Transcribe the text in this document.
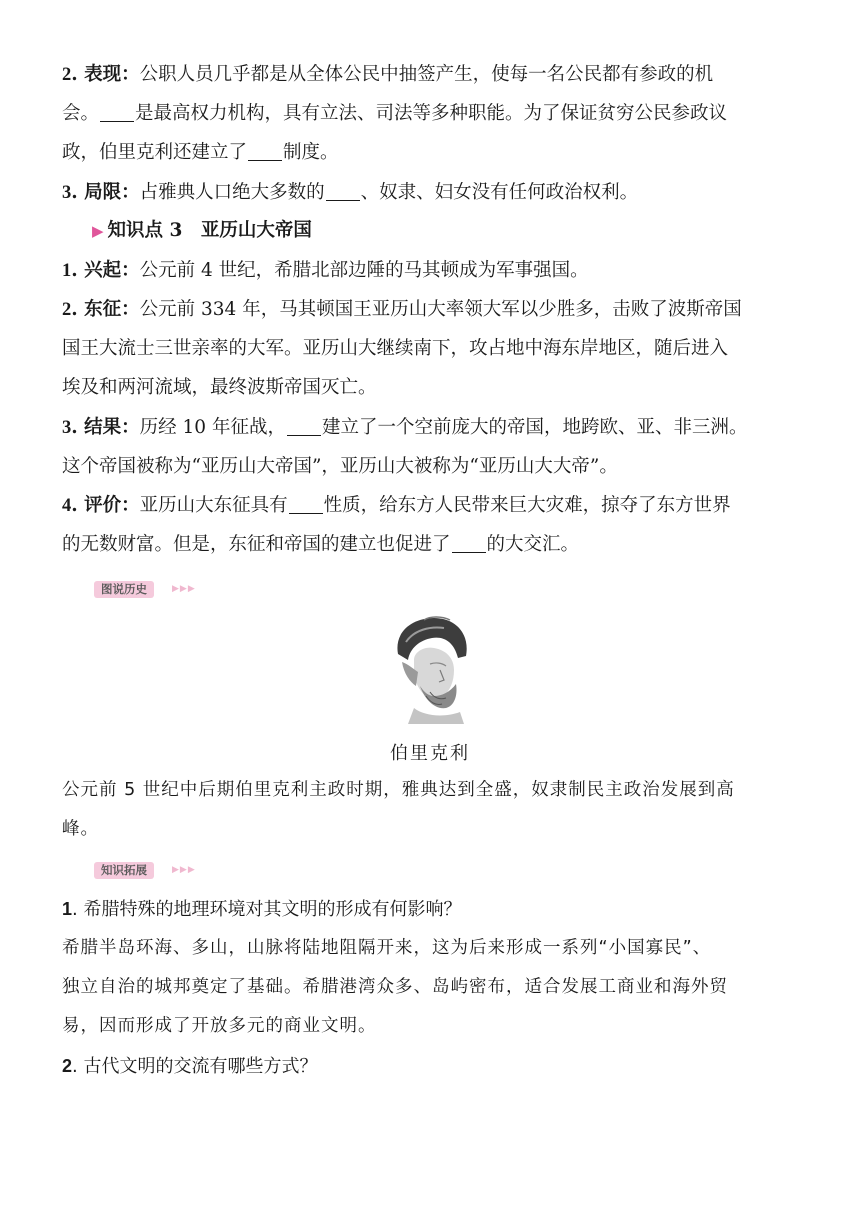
2. 表现：公职人员几乎都是从全体公民中抽签产生，使每一名公民都有参政的机
会。 是最高权力机构，具有立法、司法等多种职能。为了保证贫穷公民参政议
政，伯里克利还建立了 制度。
3. 局限：占雅典人口绝大多数的 、奴隶、妇女没有任何政治权利。
▶ 知识点 3　亚历山大帝国
1. 兴起：公元前 4 世纪，希腊北部边陲的马其顿成为军事强国。
2. 东征：公元前 334 年，马其顿国王亚历山大率领大军以少胜多，击败了波斯帝国
国王大流士三世亲率的大军。亚历山大继续南下，攻占地中海东岸地区，随后进入
埃及和两河流域，最终波斯帝国灭亡。
3. 结果：历经 10 年征战， 建立了一个空前庞大的帝国，地跨欧、亚、非三洲。
这个帝国被称为“亚历山大帝国”，亚历山大被称为“亚历山大大帝”。
4. 评价：亚历山大东征具有 性质，给东方人民带来巨大灾难，掠夺了东方世界
的无数财富。但是，东征和帝国的建立也促进了 的大交汇。
图说历史	▶▶▶
伯里克利
公元前 5 世纪中后期伯里克利主政时期，雅典达到全盛，奴隶制民主政治发展到高
峰。
知识拓展	▶▶▶
1. 希腊特殊的地理环境对其文明的形成有何影响？
希腊半岛环海、多山，山脉将陆地阻隔开来，这为后来形成一系列“小国寡民”、
独立自治的城邦奠定了基础。希腊港湾众多、岛屿密布，适合发展工商业和海外贸
易，因而形成了开放多元的商业文明。
2. 古代文明的交流有哪些方式？
